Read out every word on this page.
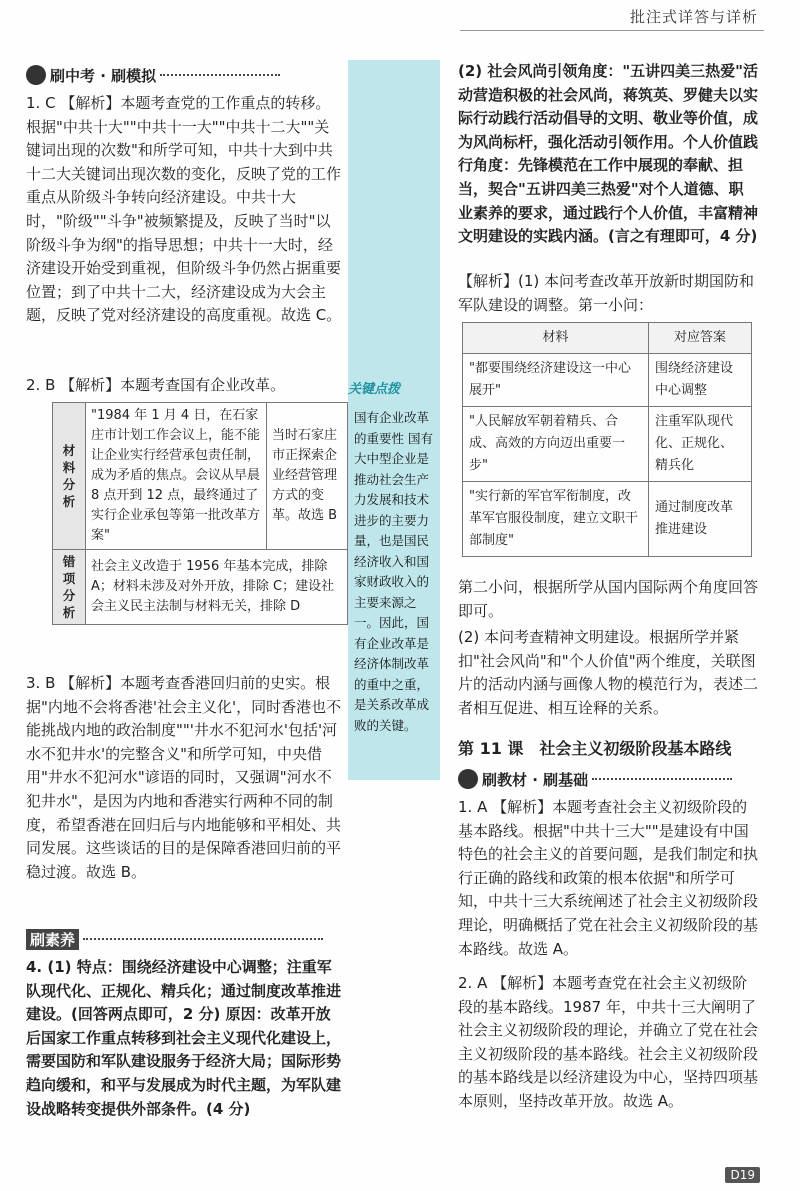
批注式详答与详析
关键点拨
国有企业改革的重要性 国有大中型企业是推动社会生产力发展和技术进步的主要力量，也是国民经济收入和国家财政收入的主要来源之一。因此，国有企业改革是经济体制改革的重中之重，是关系改革成败的关键。
刷中考 · 刷模拟
1. C 【解析】本题考查党的工作重点的转移。根据"中共十大""中共十一大""中共十二大""关键词出现的次数"和所学可知，中共十大到中共十二大关键词出现次数的变化，反映了党的工作重点从阶级斗争转向经济建设。中共十大时，"阶级""斗争"被频繁提及，反映了当时"以阶级斗争为纲"的指导思想；中共十一大时，经济建设开始受到重视，但阶级斗争仍然占据重要位置；到了中共十二大，经济建设成为大会主题，反映了党对经济建设的高度重视。故选 C。
2. B 【解析】本题考查国有企业改革。
材料分析	"1984 年 1 月 4 日，在石家庄市计划工作会议上，能不能让企业实行经营承包责任制，成为矛盾的焦点。会议从早晨 8 点开到 12 点，最终通过了实行企业承包等第一批改革方案"	当时石家庄市正探索企业经营管理方式的变革。故选 B
错项分析	社会主义改造于 1956 年基本完成，排除 A；材料未涉及对外开放，排除 C；建设社会主义民主法制与材料无关，排除 D	
3. B 【解析】本题考查香港回归前的史实。根据"内地不会将香港'社会主义化'，同时香港也不能挑战内地的政治制度""'井水不犯河水'包括'河水不犯井水'的完整含义"和所学可知，中央借用"井水不犯河水"谚语的同时，又强调"河水不犯井水"，是因为内地和香港实行两种不同的制度，希望香港在回归后与内地能够和平相处、共同发展。这些谈话的目的是保障香港回归前的平稳过渡。故选 B。
刷素养
4. (1) 特点：围绕经济建设中心调整；注重军队现代化、正规化、精兵化；通过制度改革推进建设。(回答两点即可，2 分) 原因：改革开放后国家工作重点转移到社会主义现代化建设上，需要国防和军队建设服务于经济大局；国际形势趋向缓和，和平与发展成为时代主题，为军队建设战略转变提供外部条件。(4 分)
(2) 社会风尚引领角度："五讲四美三热爱"活动营造积极的社会风尚，蒋筑英、罗健夫以实际行动践行活动倡导的文明、敬业等价值，成为风尚标杆，强化活动引领作用。个人价值践行角度：先锋模范在工作中展现的奉献、担当，契合"五讲四美三热爱"对个人道德、职业素养的要求，通过践行个人价值，丰富精神文明建设的实践内涵。(言之有理即可，4 分)
【解析】(1) 本问考查改革开放新时期国防和军队建设的调整。第一小问：
材料	对应答案
"都要围绕经济建设这一中心展开"	围绕经济建设中心调整
"人民解放军朝着精兵、合成、高效的方向迈出重要一步"	注重军队现代化、正规化、精兵化
"实行新的军官军衔制度，改革军官服役制度，建立文职干部制度"	通过制度改革推进建设
第二小问，根据所学从国内国际两个角度回答即可。
(2) 本问考查精神文明建设。根据所学并紧扣"社会风尚"和"个人价值"两个维度，关联图片的活动内涵与画像人物的模范行为，表述二者相互促进、相互诠释的关系。
第 11 课　社会主义初级阶段基本路线
刷教材 · 刷基础
1. A 【解析】本题考查社会主义初级阶段的基本路线。根据"中共十三大""是建设有中国特色的社会主义的首要问题，是我们制定和执行正确的路线和政策的根本依据"和所学可知，中共十三大系统阐述了社会主义初级阶段理论，明确概括了党在社会主义初级阶段的基本路线。故选 A。
2. A 【解析】本题考查党在社会主义初级阶段的基本路线。1987 年，中共十三大阐明了社会主义初级阶段的理论，并确立了党在社会主义初级阶段的基本路线。社会主义初级阶段的基本路线是以经济建设为中心，坚持四项基本原则，坚持改革开放。故选 A。
D19
